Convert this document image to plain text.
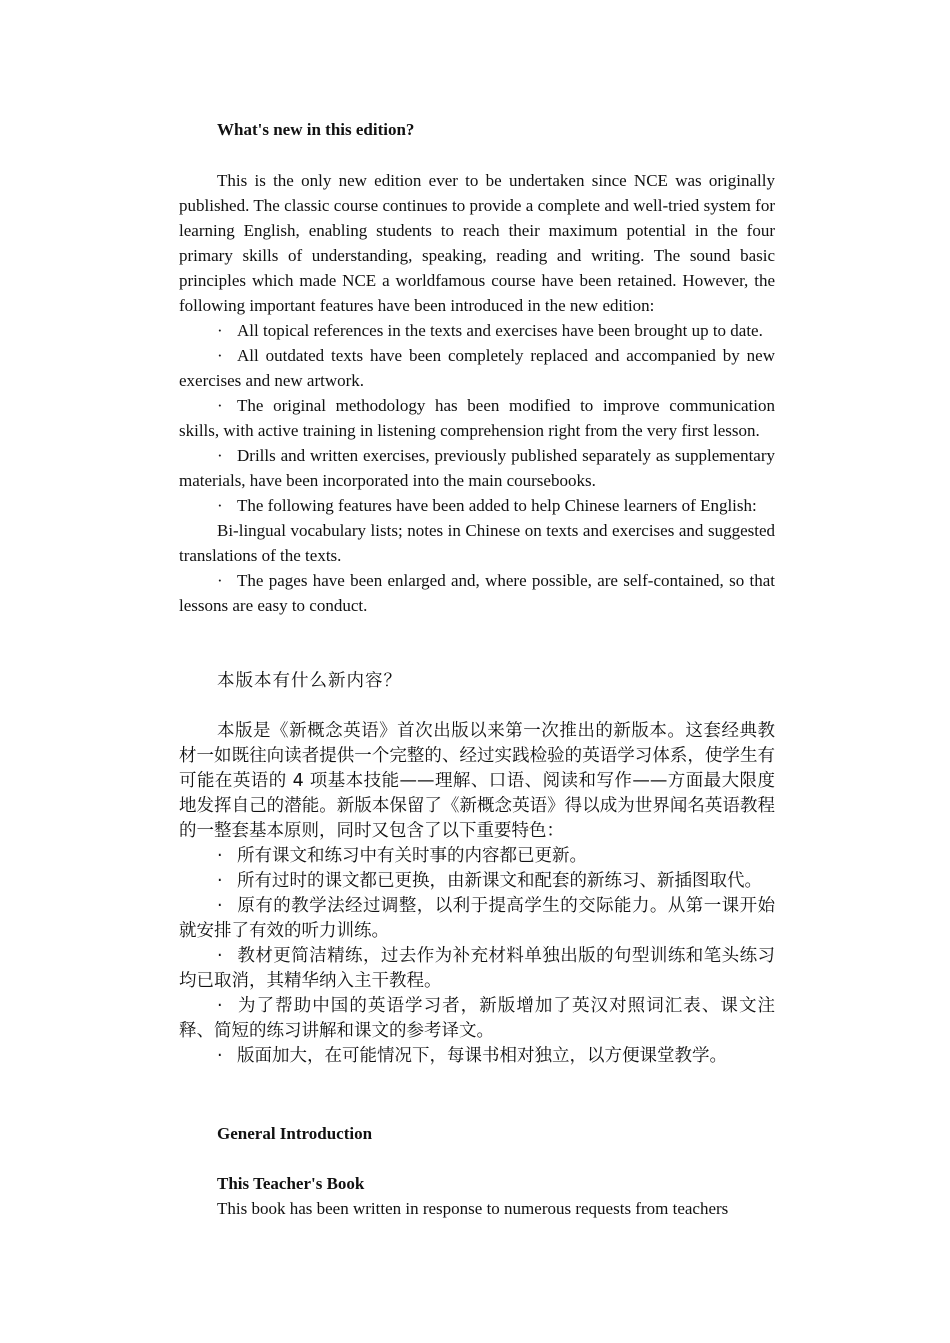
What's new in this edition?

This is the only new edition ever to be undertaken since NCE was originally published. The classic course continues to provide a complete and well-tried system for learning English, enabling students to reach their maximum potential in the four primary skills of understanding, speaking, reading and writing. The sound basic principles which made NCE a worldfamous course have been retained. However, the following important features have been introduced in the new edition:

· All topical references in the texts and exercises have been brought up to date.

· All outdated texts have been completely replaced and accompanied by new exercises and new artwork.

· The original methodology has been modified to improve communication skills, with active training in listening comprehension right from the very first lesson.

· Drills and written exercises, previously published separately as supplementary materials, have been incorporated into the main coursebooks.

· The following features have been added to help Chinese learners of English:

Bi-lingual vocabulary lists; notes in Chinese on texts and exercises and suggested translations of the texts.

· The pages have been enlarged and, where possible, are self-contained, so that lessons are easy to conduct.

本版本有什么新内容？

本版是《新概念英语》首次出版以来第一次推出的新版本。这套经典教材一如既往向读者提供一个完整的、经过实践检验的英语学习体系，使学生有可能在英语的 4 项基本技能——理解、口语、阅读和写作——方面最大限度地发挥自己的潜能。新版本保留了《新概念英语》得以成为世界闻名英语教程的一整套基本原则，同时又包含了以下重要特色：

· 所有课文和练习中有关时事的内容都已更新。

· 所有过时的课文都已更换，由新课文和配套的新练习、新插图取代。

· 原有的教学法经过调整，以利于提高学生的交际能力。从第一课开始就安排了有效的听力训练。

· 教材更简洁精练，过去作为补充材料单独出版的句型训练和笔头练习均已取消，其精华纳入主干教程。

· 为了帮助中国的英语学习者，新版增加了英汉对照词汇表、课文注释、简短的练习讲解和课文的参考译文。

· 版面加大，在可能情况下，每课书相对独立，以方便课堂教学。

General Introduction
This Teacher's Book
This book has been written in response to numerous requests from teachers
